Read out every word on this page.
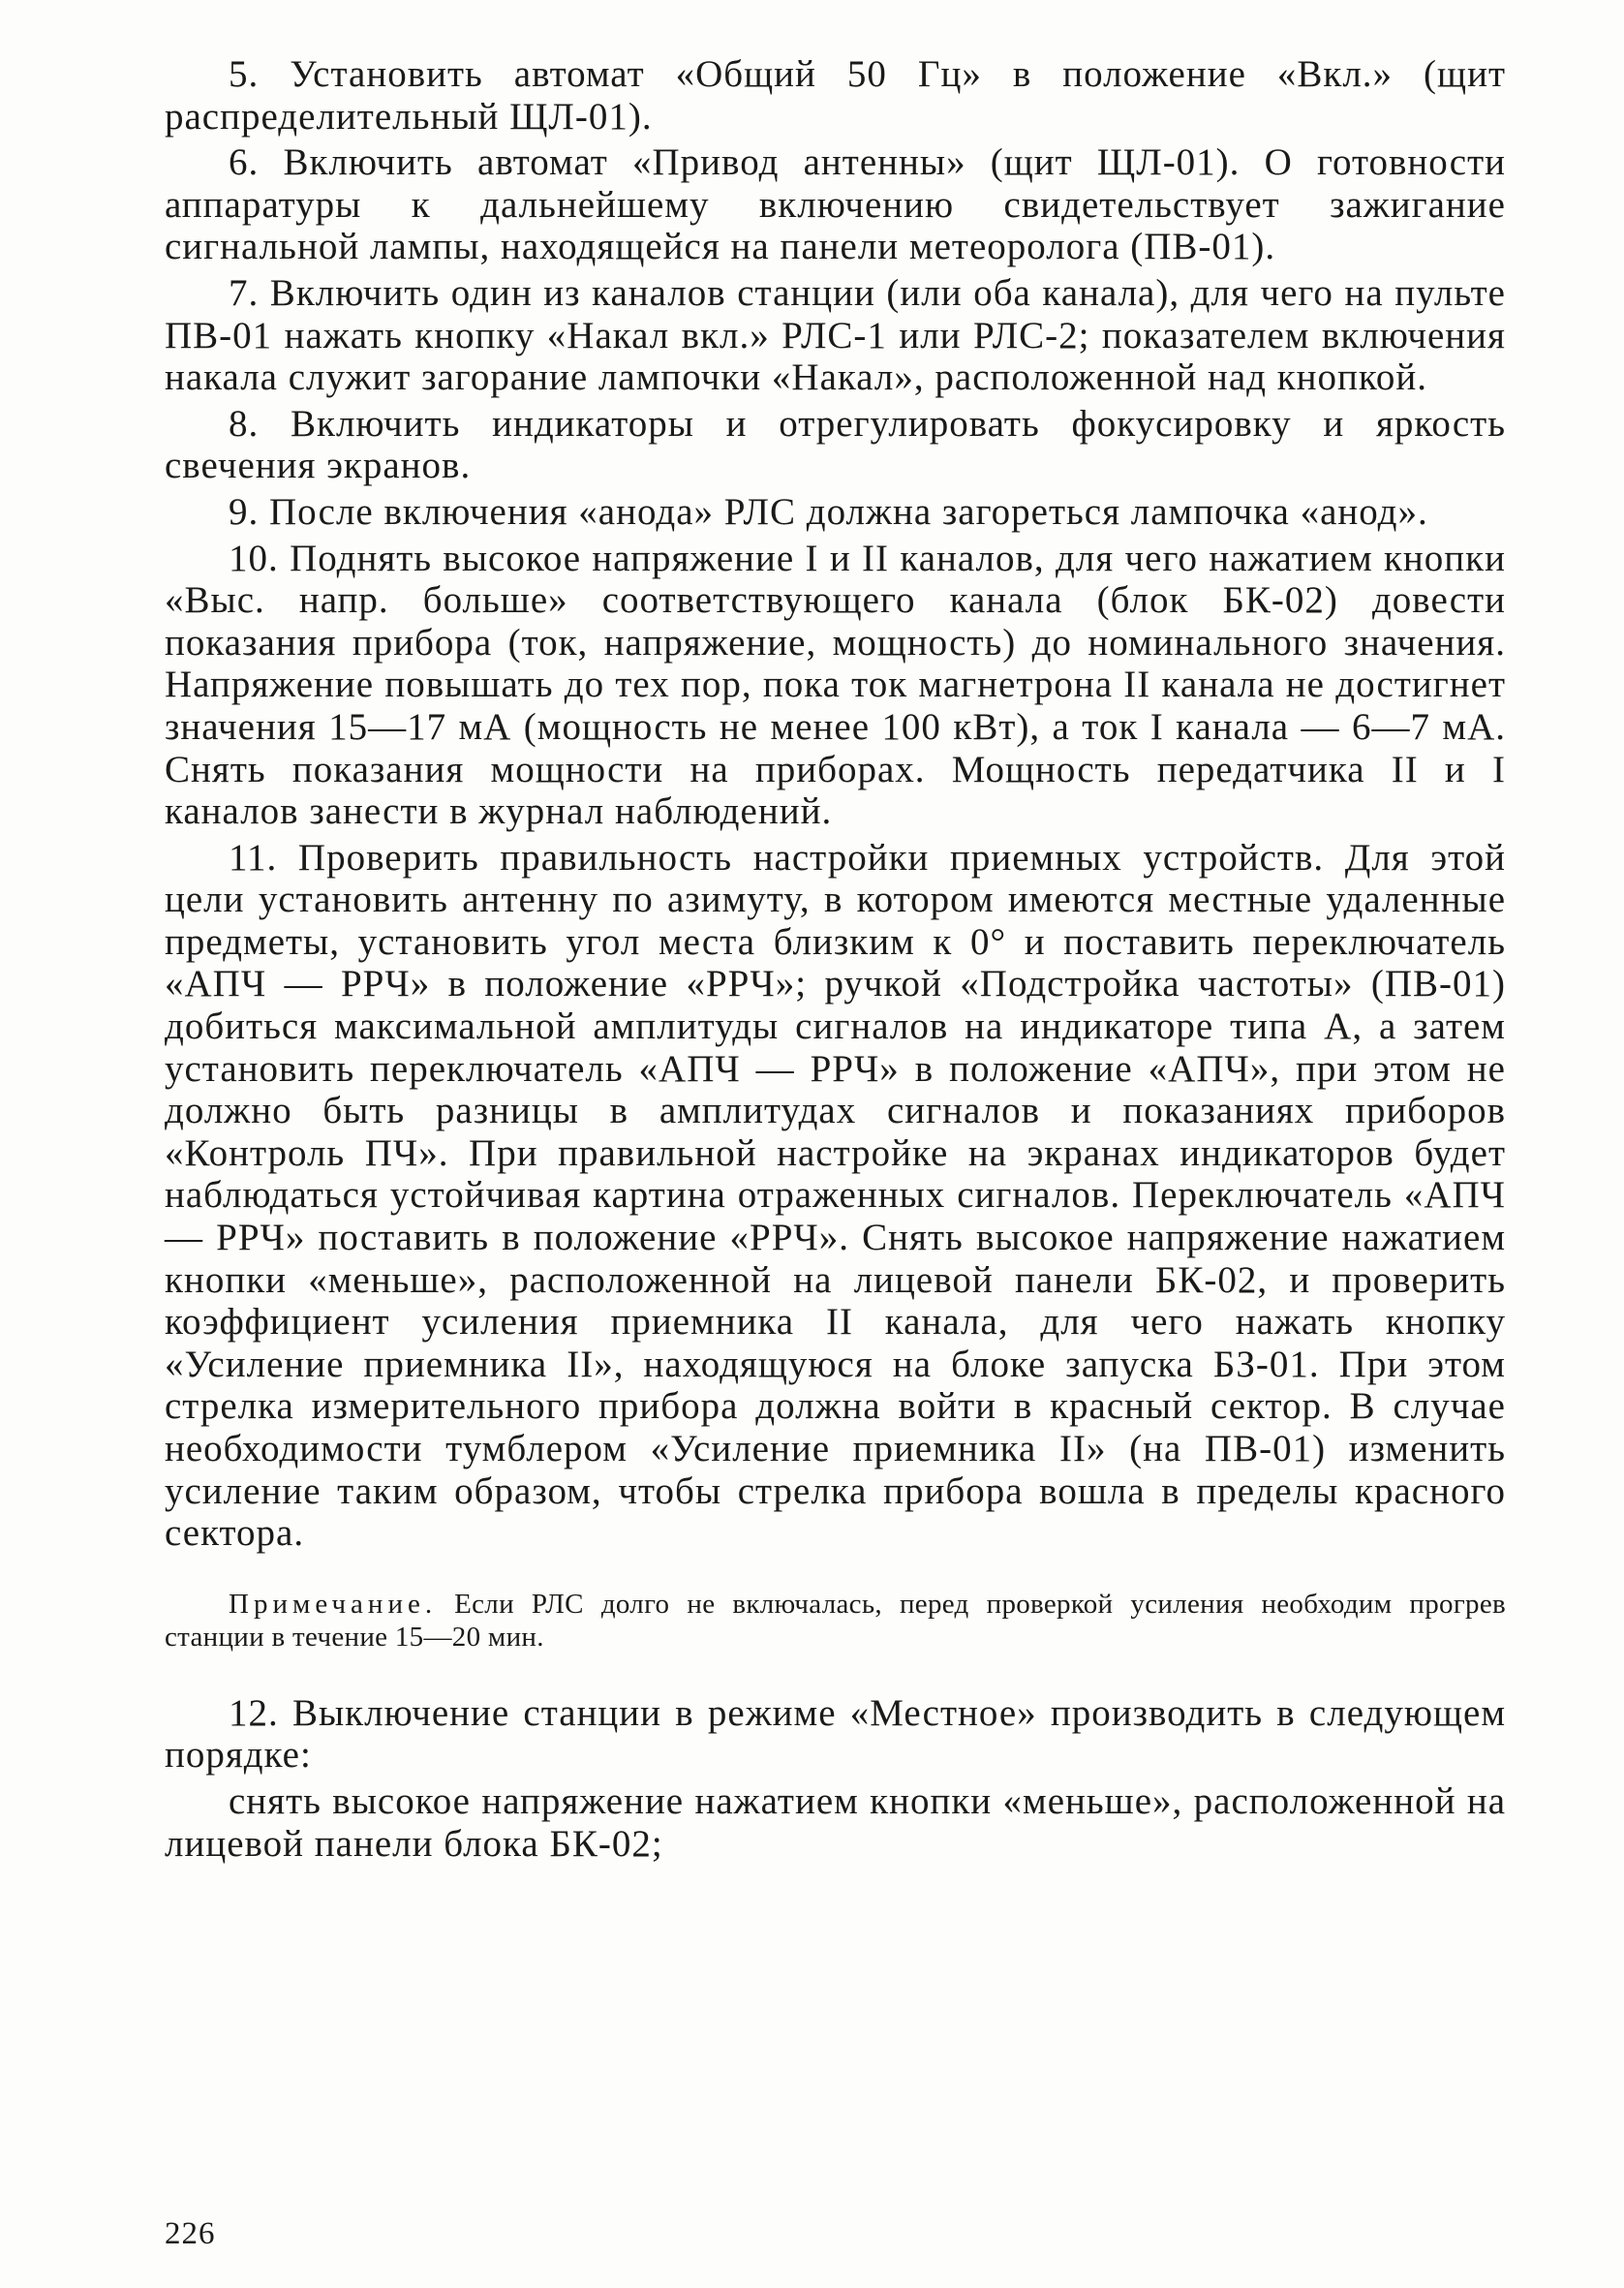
5. Установить автомат «Общий 50 Гц» в положение «Вкл.» (щит распределительный ЩЛ-01).

6. Включить автомат «Привод антенны» (щит ЩЛ-01). О готовности аппаратуры к дальнейшему включению свидетельствует зажигание сигнальной лампы, находящейся на панели метеоролога (ПВ-01).

7. Включить один из каналов станции (или оба канала), для чего на пульте ПВ-01 нажать кнопку «Накал вкл.» РЛС-1 или РЛС-2; показателем включения накала служит загорание лампочки «Накал», расположенной над кнопкой.

8. Включить индикаторы и отрегулировать фокусировку и яркость свечения экранов.

9. После включения «анода» РЛС должна загореться лампочка «анод».

10. Поднять высокое напряжение I и II каналов, для чего нажатием кнопки «Выс. напр. больше» соответствующего канала (блок БК-02) довести показания прибора (ток, напряжение, мощность) до номинального значения. Напряжение повышать до тех пор, пока ток магнетрона II канала не достигнет значения 15—17 мА (мощность не менее 100 кВт), а ток I канала — 6—7 мА. Снять показания мощности на приборах. Мощность передатчика II и I каналов занести в журнал наблюдений.

11. Проверить правильность настройки приемных устройств. Для этой цели установить антенну по азимуту, в котором имеются местные удаленные предметы, установить угол места близким к 0° и поставить переключатель «АПЧ — РРЧ» в положение «РРЧ»; ручкой «Подстройка частоты» (ПВ-01) добиться максимальной амплитуды сигналов на индикаторе типа А, а затем установить переключатель «АПЧ — РРЧ» в положение «АПЧ», при этом не должно быть разницы в амплитудах сигналов и показаниях приборов «Контроль ПЧ». При правильной настройке на экранах индикаторов будет наблюдаться устойчивая картина отраженных сигналов. Переключатель «АПЧ — РРЧ» поставить в положение «РРЧ». Снять высокое напряжение нажатием кнопки «меньше», расположенной на лицевой панели БК-02, и проверить коэффициент усиления приемника II канала, для чего нажать кнопку «Усиление приемника II», находящуюся на блоке запуска БЗ-01. При этом стрелка измерительного прибора должна войти в красный сектор. В случае необходимости тумблером «Усиление приемника II» (на ПВ-01) изменить усиление таким образом, чтобы стрелка прибора вошла в пределы красного сектора.

Примечание. Если РЛС долго не включалась, перед проверкой усиления необходим прогрев станции в течение 15—20 мин.

12. Выключение станции в режиме «Местное» производить в следующем порядке:

снять высокое напряжение нажатием кнопки «меньше», расположенной на лицевой панели блока БК-02;

226
